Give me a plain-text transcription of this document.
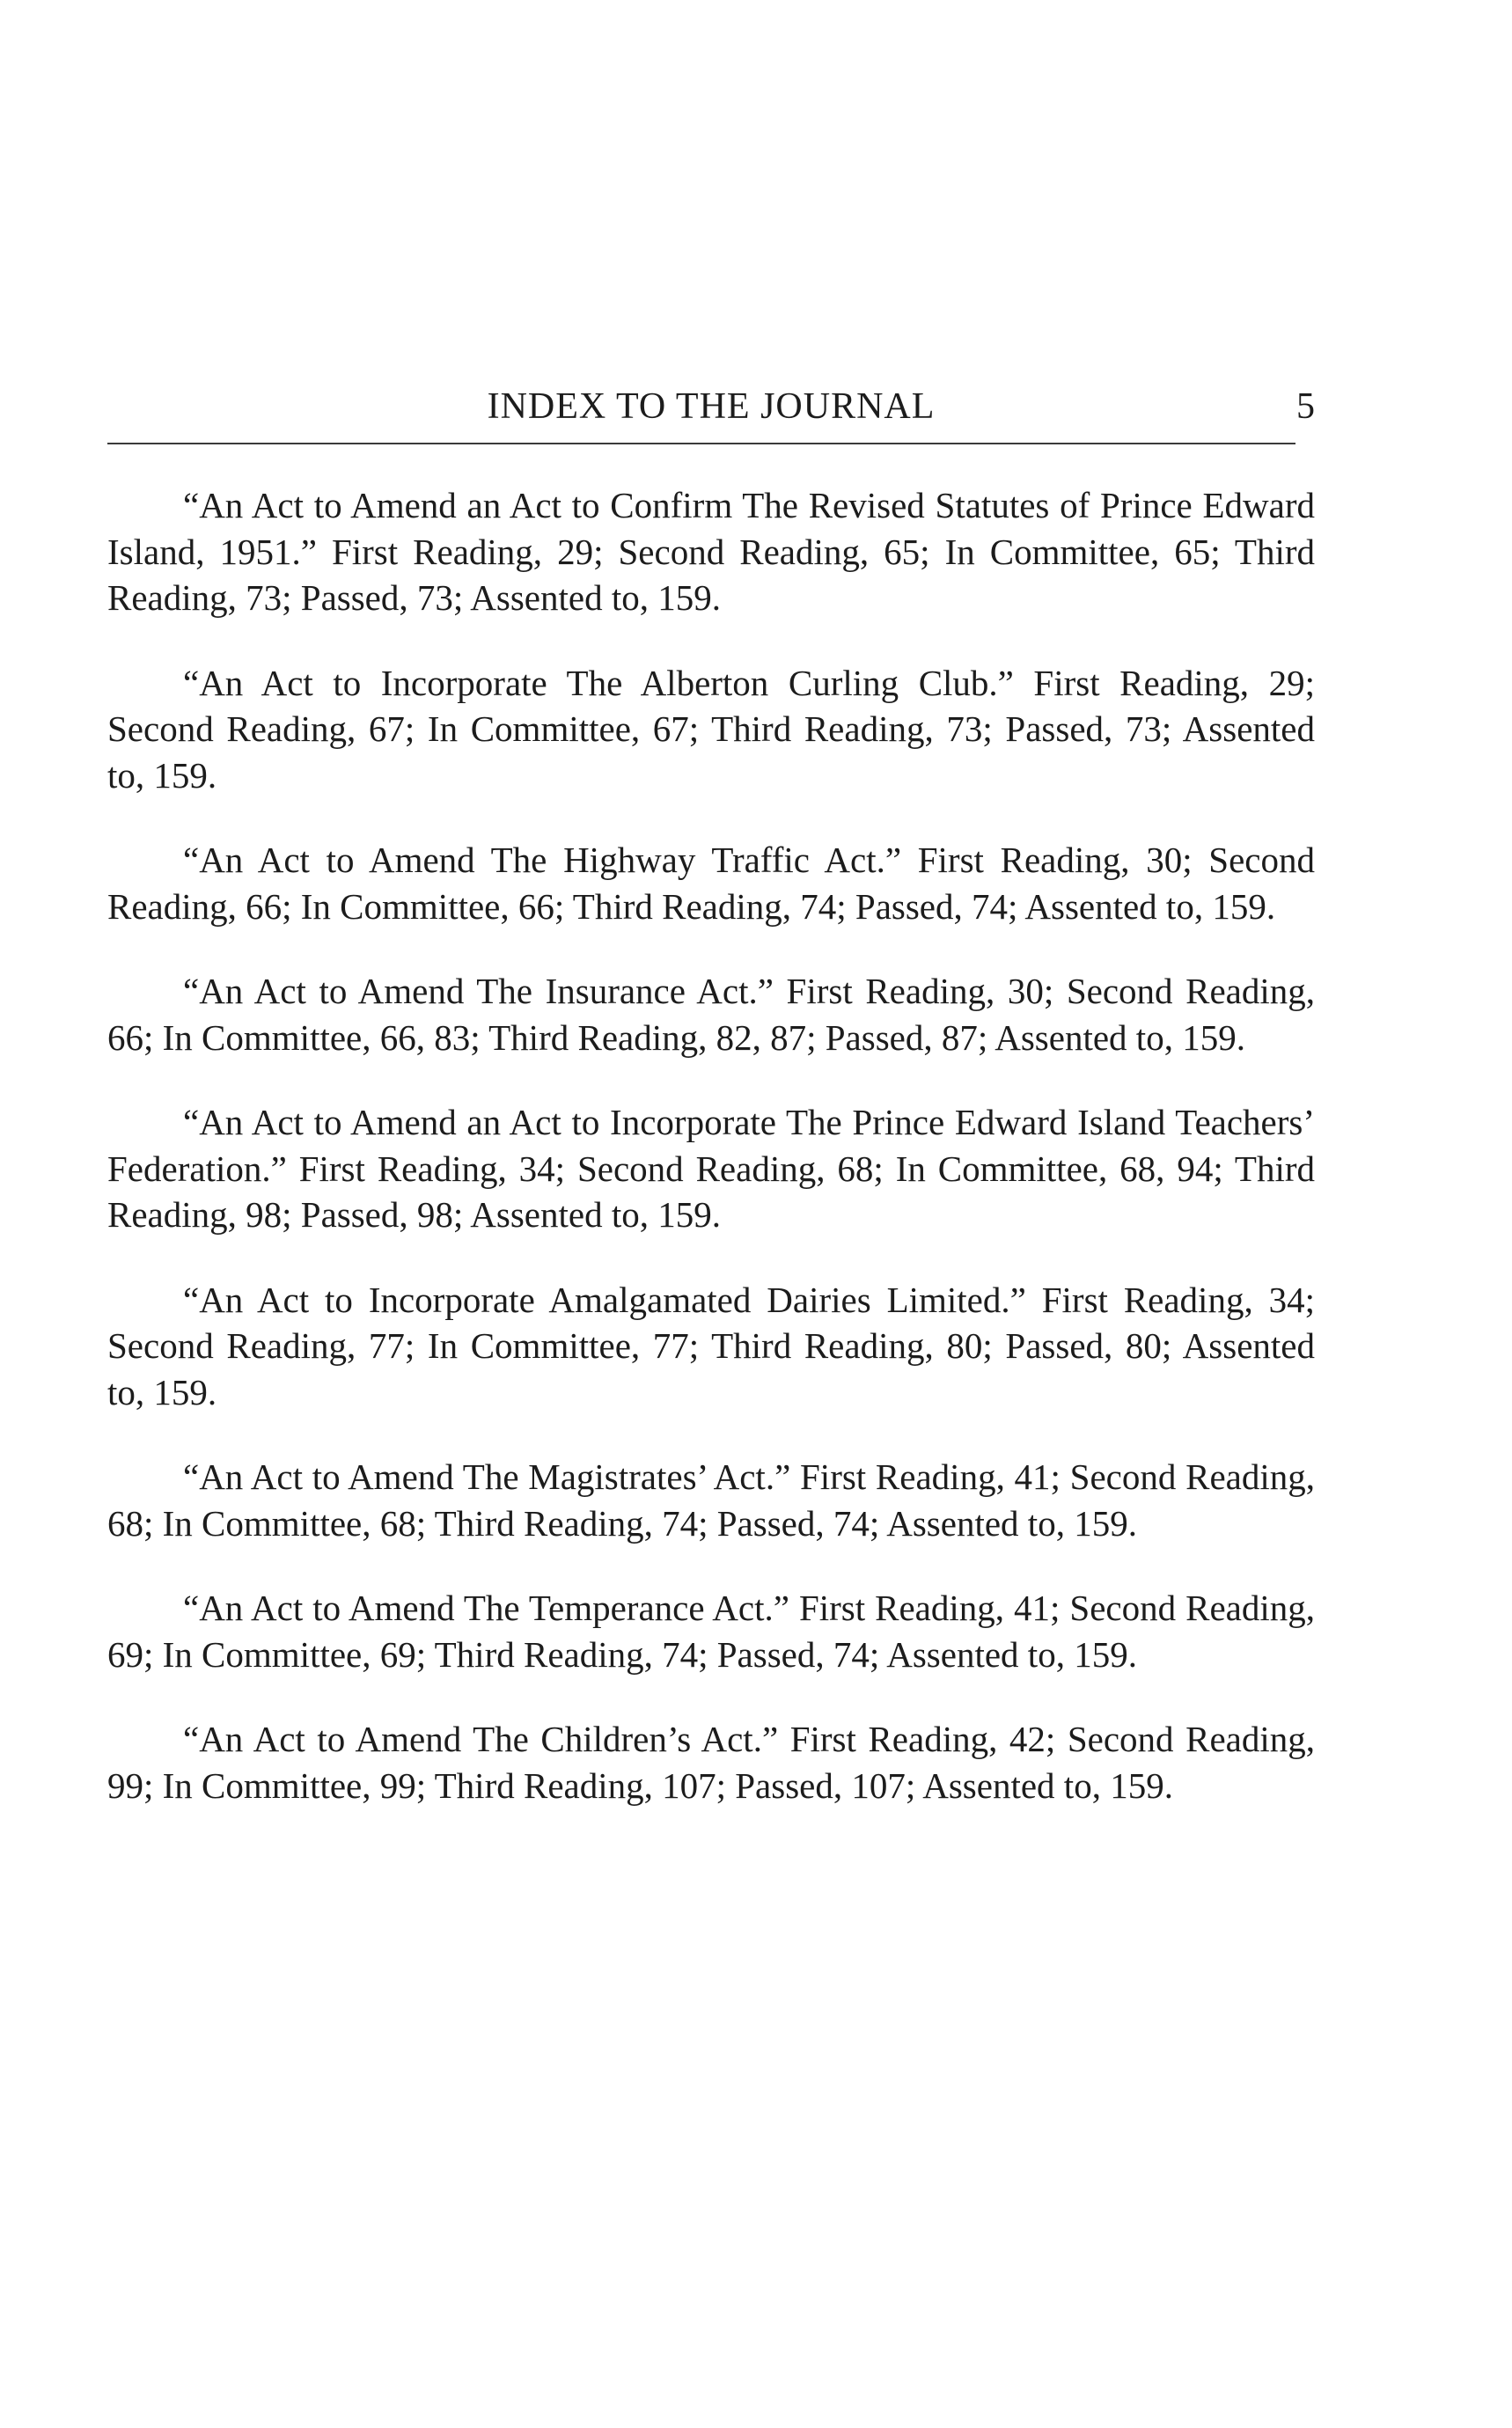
INDEX TO THE JOURNAL	5

“An Act to Amend an Act to Confirm The Revised Statutes of Prince Edward Island, 1951.” First Reading, 29; Second Reading, 65; In Committee, 65; Third Reading, 73; Passed, 73; Assented to, 159.

“An Act to Incorporate The Alberton Curling Club.” First Reading, 29; Second Reading, 67; In Committee, 67; Third Reading, 73; Passed, 73; Assented to, 159.

“An Act to Amend The Highway Traffic Act.” First Reading, 30; Second Reading, 66; In Committee, 66; Third Reading, 74; Passed, 74; Assented to, 159.

“An Act to Amend The Insurance Act.” First Reading, 30; Second Reading, 66; In Committee, 66, 83; Third Reading, 82, 87; Passed, 87; Assented to, 159.

“An Act to Amend an Act to Incorporate The Prince Edward Island Teachers’ Federation.” First Reading, 34; Second Reading, 68; In Committee, 68, 94; Third Reading, 98; Passed, 98; Assented to, 159.

“An Act to Incorporate Amalgamated Dairies Limited.” First Reading, 34; Second Reading, 77; In Committee, 77; Third Reading, 80; Passed, 80; Assented to, 159.

“An Act to Amend The Magistrates’ Act.” First Reading, 41; Second Reading, 68; In Committee, 68; Third Reading, 74; Passed, 74; Assented to, 159.

“An Act to Amend The Temperance Act.” First Reading, 41; Second Reading, 69; In Committee, 69; Third Reading, 74; Passed, 74; Assented to, 159.

“An Act to Amend The Children’s Act.” First Reading, 42; Second Reading, 99; In Committee, 99; Third Reading, 107; Passed, 107; Assented to, 159.
